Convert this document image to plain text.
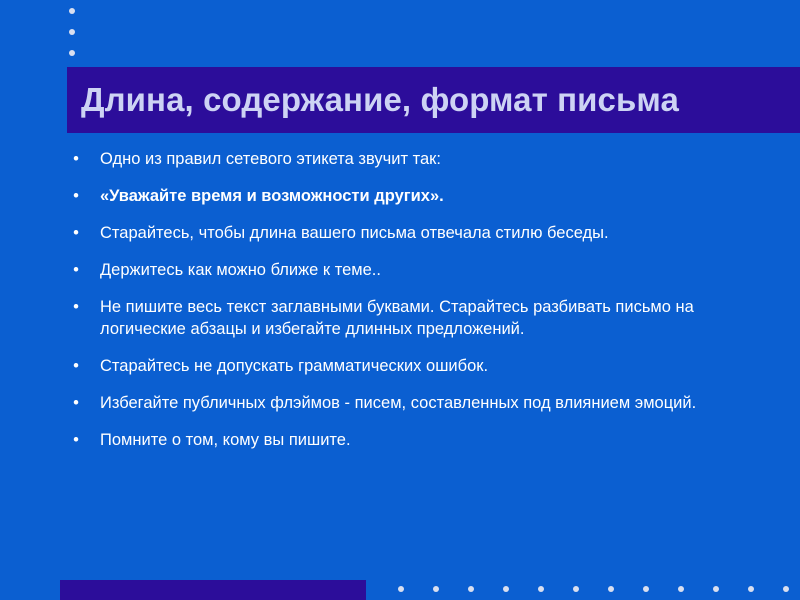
Длина, содержание, формат письма
• Одно из правил сетевого этикета звучит так:
• «Уважайте время и возможности других».
• Старайтесь, чтобы длина вашего письма отвечала стилю беседы.
• Держитесь как можно ближе к теме..
• Не пишите весь текст заглавными буквами. Старайтесь разбивать письмо на логические абзацы и избегайте длинных предложений.
• Старайтесь не допускать грамматических ошибок.
• Избегайте публичных флэймов - писем, составленных под влиянием эмоций.
• Помните о том, кому вы пишите.
